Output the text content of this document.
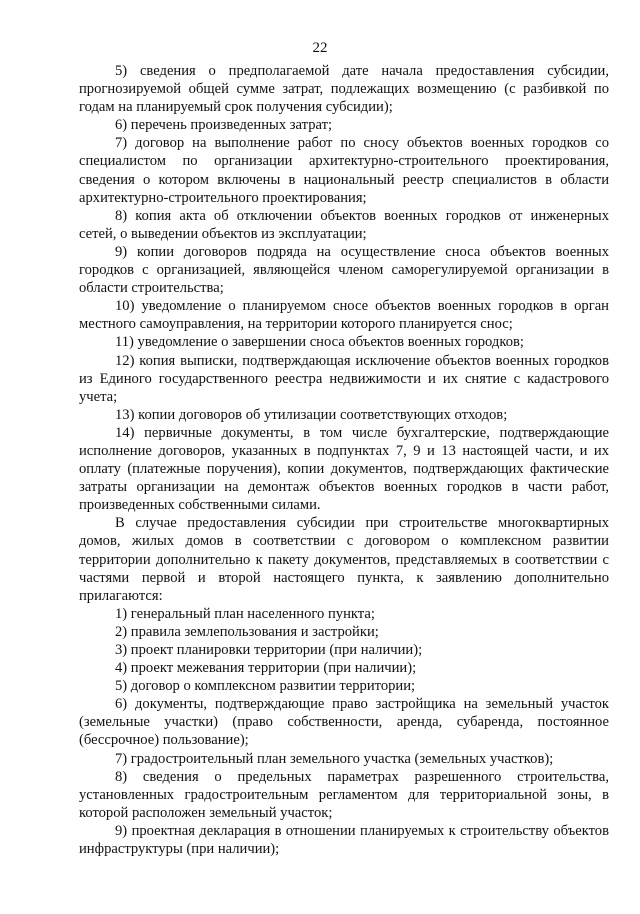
22

5) сведения о предполагаемой дате начала предоставления субсидии, прогнозируемой общей сумме затрат, подлежащих возмещению (с разбивкой по годам на планируемый срок получения субсидии);

6) перечень произведенных затрат;

7) договор на выполнение работ по сносу объектов военных городков со специалистом по организации архитектурно-строительного проектирования, сведения о котором включены в национальный реестр специалистов в области архитектурно-строительного проектирования;

8) копия акта об отключении объектов военных городков от инженерных сетей, о выведении объектов из эксплуатации;

9) копии договоров подряда на осуществление сноса объектов военных городков с организацией, являющейся членом саморегулируемой организации в области строительства;

10) уведомление о планируемом сносе объектов военных городков в орган местного самоуправления, на территории которого планируется снос;

11) уведомление о завершении сноса объектов военных городков;

12) копия выписки, подтверждающая исключение объектов военных городков из Единого государственного реестра недвижимости и их снятие с кадастрового учета;

13) копии договоров об утилизации соответствующих отходов;

14) первичные документы, в том числе бухгалтерские, подтверждающие исполнение договоров, указанных в подпунктах 7, 9 и 13 настоящей части, и их оплату (платежные поручения), копии документов, подтверждающих фактические затраты организации на демонтаж объектов военных городков в части работ, произведенных собственными силами.

В случае предоставления субсидии при строительстве многоквартирных домов, жилых домов в соответствии с договором о комплексном развитии территории дополнительно к пакету документов, представляемых в соответствии с частями первой и второй настоящего пункта, к заявлению дополнительно прилагаются:

1) генеральный план населенного пункта;

2) правила землепользования и застройки;

3) проект планировки территории (при наличии);

4) проект межевания территории (при наличии);

5) договор о комплексном развитии территории;

6) документы, подтверждающие право застройщика на земельный участок (земельные участки) (право собственности, аренда, субаренда, постоянное (бессрочное) пользование);

7) градостроительный план земельного участка (земельных участков);

8) сведения о предельных параметрах разрешенного строительства, установленных градостроительным регламентом для территориальной зоны, в которой расположен земельный участок;

9) проектная декларация в отношении планируемых к строительству объектов инфраструктуры (при наличии);
